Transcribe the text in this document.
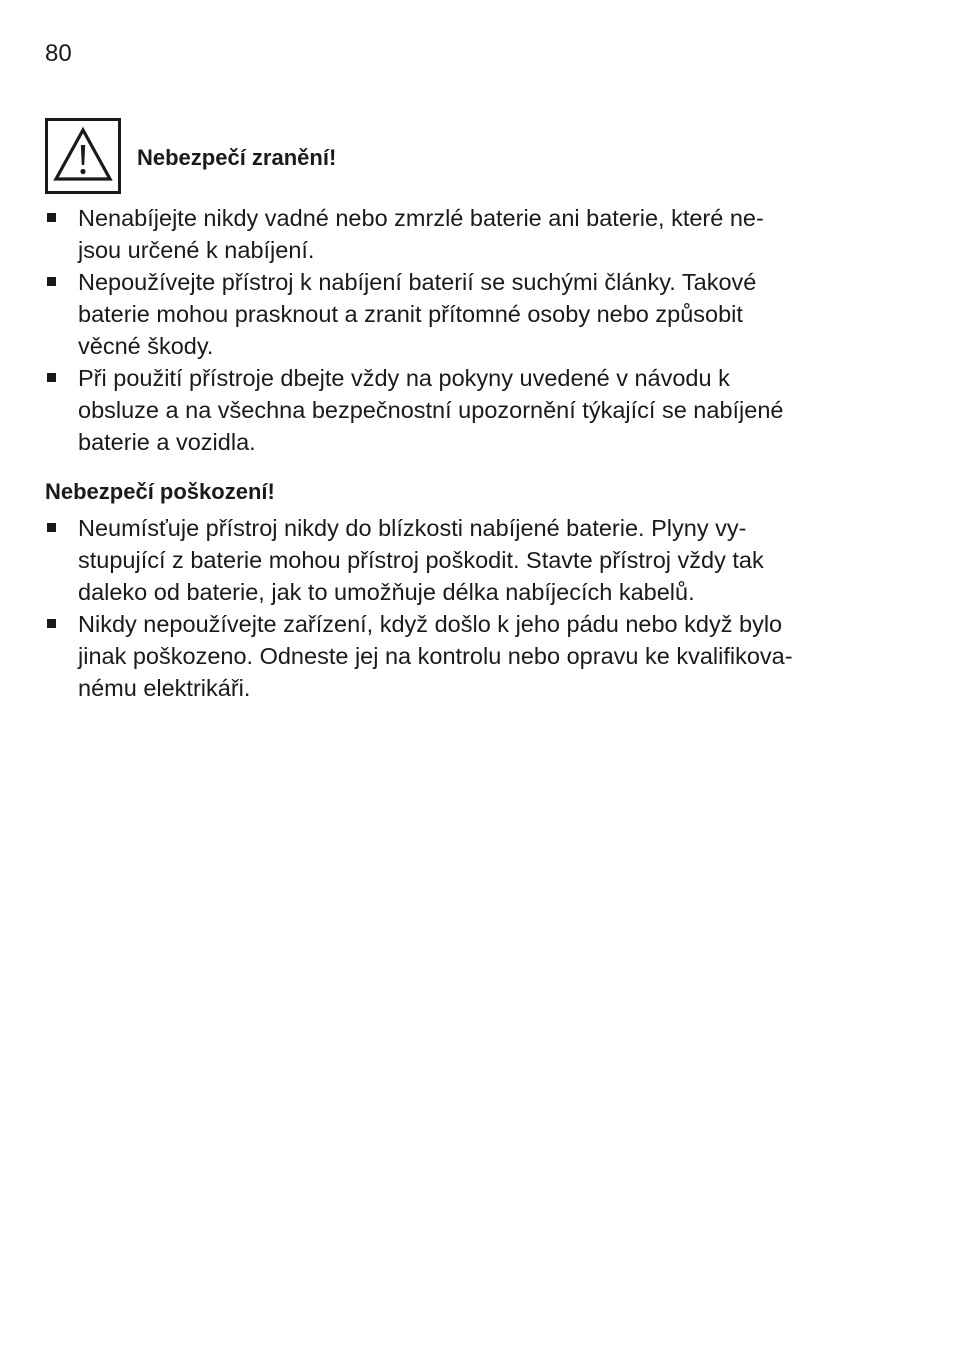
80
Nebezpečí zranění!
Nenabíjejte nikdy vadné nebo zmrzlé baterie ani baterie, které ne-
jsou určené k nabíjení.
Nepoužívejte přístroj k nabíjení baterií se suchými články. Takové
baterie mohou prasknout a zranit přítomné osoby nebo způsobit
věcné škody.
Při použití přístroje dbejte vždy na pokyny uvedené v návodu k
obsluze a na všechna bezpečnostní upozornění týkající se nabíjené
baterie a vozidla.
Nebezpečí poškození!
Neumísťuje přístroj nikdy do blízkosti nabíjené baterie. Plyny vy-
stupující z baterie mohou přístroj poškodit. Stavte přístroj vždy tak
daleko od baterie, jak to umožňuje délka nabíjecích kabelů.
Nikdy nepoužívejte zařízení, když došlo k jeho pádu nebo když bylo
jinak poškozeno. Odneste jej na kontrolu nebo opravu ke kvalifikova-
nému elektrikáři.
